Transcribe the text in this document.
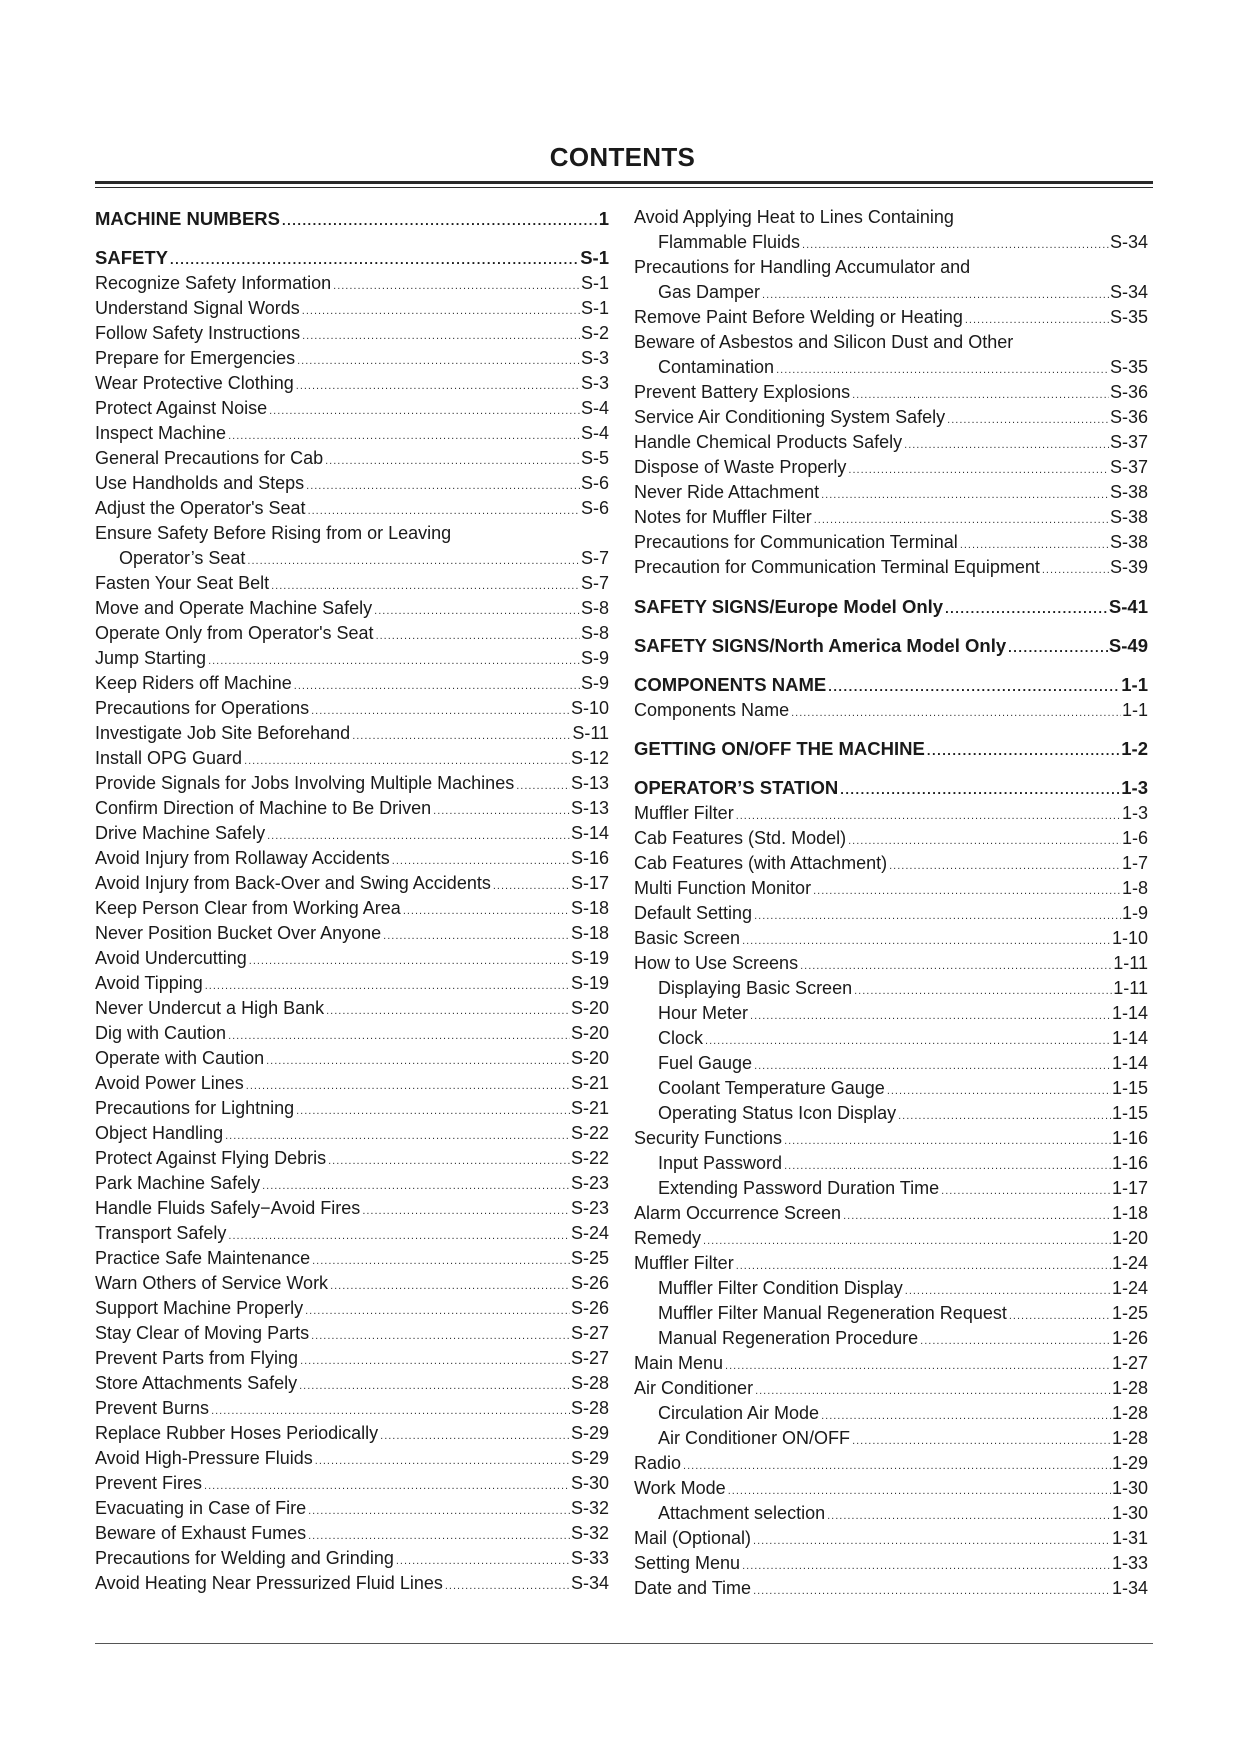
CONTENTS
MACHINE NUMBERS .....	1
SAFETY .....	S-1
Recognize Safety Information .....	S-1
Understand Signal Words .....	S-1
Follow Safety Instructions .....	S-2
Prepare for Emergencies .....	S-3
Wear Protective Clothing .....	S-3
Protect Against Noise .....	S-4
Inspect Machine .....	S-4
General Precautions for Cab .....	S-5
Use Handholds and Steps .....	S-6
Adjust the Operator's Seat .....	S-6
Ensure Safety Before Rising from or Leaving
Operator’s Seat .....	S-7
Fasten Your Seat Belt .....	S-7
Move and Operate Machine Safely .....	S-8
Operate Only from Operator's Seat .....	S-8
Jump Starting .....	S-9
Keep Riders off Machine .....	S-9
Precautions for Operations .....	S-10
Investigate Job Site Beforehand .....	S-11
Install OPG Guard .....	S-12
Provide Signals for Jobs Involving Multiple Machines .....	S-13
Confirm Direction of Machine to Be Driven .....	S-13
Drive Machine Safely .....	S-14
Avoid Injury from Rollaway Accidents .....	S-16
Avoid Injury from Back-Over and Swing Accidents .....	S-17
Keep Person Clear from Working Area .....	S-18
Never Position Bucket Over Anyone .....	S-18
Avoid Undercutting .....	S-19
Avoid Tipping .....	S-19
Never Undercut a High Bank .....	S-20
Dig with Caution .....	S-20
Operate with Caution .....	S-20
Avoid Power Lines .....	S-21
Precautions for Lightning .....	S-21
Object Handling .....	S-22
Protect Against Flying Debris .....	S-22
Park Machine Safely .....	S-23
Handle Fluids Safely−Avoid Fires .....	S-23
Transport Safely .....	S-24
Practice Safe Maintenance .....	S-25
Warn Others of Service Work .....	S-26
Support Machine Properly .....	S-26
Stay Clear of Moving Parts .....	S-27
Prevent Parts from Flying .....	S-27
Store Attachments Safely .....	S-28
Prevent Burns .....	S-28
Replace Rubber Hoses Periodically .....	S-29
Avoid High-Pressure Fluids .....	S-29
Prevent Fires .....	S-30
Evacuating in Case of Fire .....	S-32
Beware of Exhaust Fumes .....	S-32
Precautions for Welding and Grinding .....	S-33
Avoid Heating Near Pressurized Fluid Lines .....	S-34
Avoid Applying Heat to Lines Containing
Flammable Fluids .....	S-34
Precautions for Handling Accumulator and
Gas Damper .....	S-34
Remove Paint Before Welding or Heating .....	S-35
Beware of Asbestos and Silicon Dust and Other
Contamination .....	S-35
Prevent Battery Explosions .....	S-36
Service Air Conditioning System Safely .....	S-36
Handle Chemical Products Safely .....	S-37
Dispose of Waste Properly .....	S-37
Never Ride Attachment .....	S-38
Notes for Muffler Filter .....	S-38
Precautions for Communication Terminal .....	S-38
Precaution for Communication Terminal Equipment .....	S-39
SAFETY SIGNS/Europe Model Only .....	S-41
SAFETY SIGNS/North America Model Only .....	S-49
COMPONENTS NAME .....	1-1
Components Name .....	1-1
GETTING ON/OFF THE MACHINE .....	1-2
OPERATOR’S STATION .....	1-3
Muffler Filter .....	1-3
Cab Features (Std. Model) .....	1-6
Cab Features (with Attachment) .....	1-7
Multi Function Monitor .....	1-8
Default Setting .....	1-9
Basic Screen .....	1-10
How to Use Screens .....	1-11
Displaying Basic Screen .....	1-11
Hour Meter .....	1-14
Clock .....	1-14
Fuel Gauge .....	1-14
Coolant Temperature Gauge .....	1-15
Operating Status Icon Display .....	1-15
Security Functions .....	1-16
Input Password .....	1-16
Extending Password Duration Time .....	1-17
Alarm Occurrence Screen .....	1-18
Remedy .....	1-20
Muffler Filter .....	1-24
Muffler Filter Condition Display .....	1-24
Muffler Filter Manual Regeneration Request .....	1-25
Manual Regeneration Procedure .....	1-26
Main Menu .....	1-27
Air Conditioner .....	1-28
Circulation Air Mode .....	1-28
Air Conditioner ON/OFF .....	1-28
Radio .....	1-29
Work Mode .....	1-30
Attachment selection .....	1-30
Mail (Optional) .....	1-31
Setting Menu .....	1-33
Date and Time .....	1-34
